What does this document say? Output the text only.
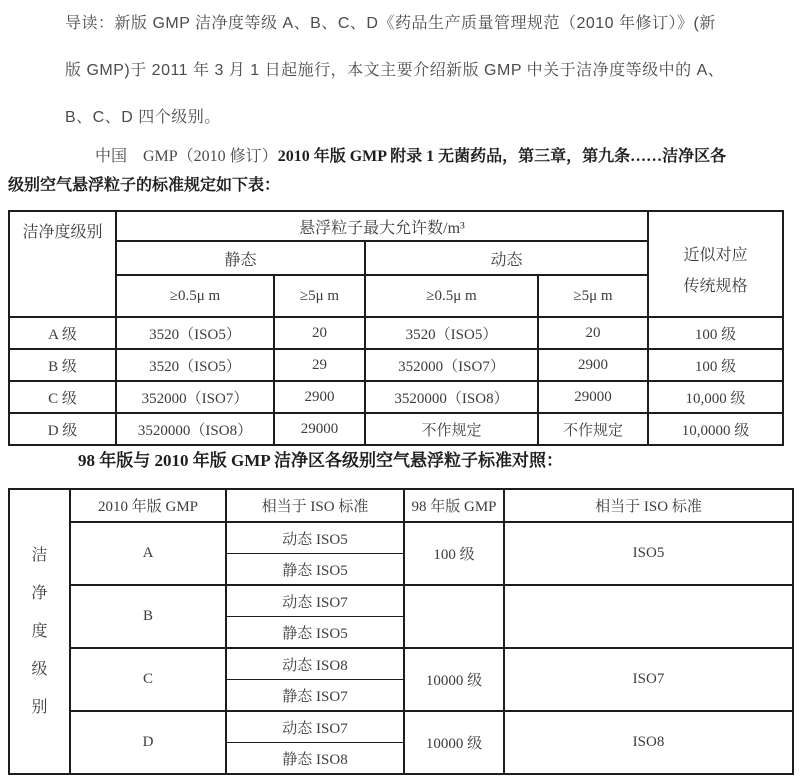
导读：新版 GMP 洁净度等级 A、B、C、D《药品生产质量管理规范（2010 年修订）》(新
版 GMP)于 2011 年 3 月 1 日起施行，本文主要介绍新版 GMP 中关于洁净度等级中的 A、
B、C、D 四个级别。
中国　GMP（2010 修订）2010 年版 GMP 附录 1 无菌药品，第三章，第九条……洁净区各
级别空气悬浮粒子的标准规定如下表：
洁净度级别	悬浮粒子最大允许数/m³				近似对应
传统规格

	静态		动态		
	≥0.5μ m	≥5μ m	≥0.5μ m	≥5μ m	
A 级	3520（ISO5）	20	3520（ISO5）	20	100 级
B 级	3520（ISO5）	29	352000（ISO7）	2900	100 级
C 级	352000（ISO7）	2900	3520000（ISO8）	29000	10,000 级
D 级	3520000（ISO8）	29000	不作规定	不作规定	10,0000 级
98 年版与 2010 年版 GMP 洁净区各级别空气悬浮粒子标准对照：
洁净度级别	2010 年版 GMP	相当于 ISO 标准	98 年版 GMP	相当于 ISO 标准
	A	动态 ISO5	100 级	ISO5
		静态 ISO5		
	B	动态 ISO7		
		静态 ISO5		
	C	动态 ISO8	10000 级	ISO7
		静态 ISO7		
	D	动态 ISO7	10000 级	ISO8
		静态 ISO8		
